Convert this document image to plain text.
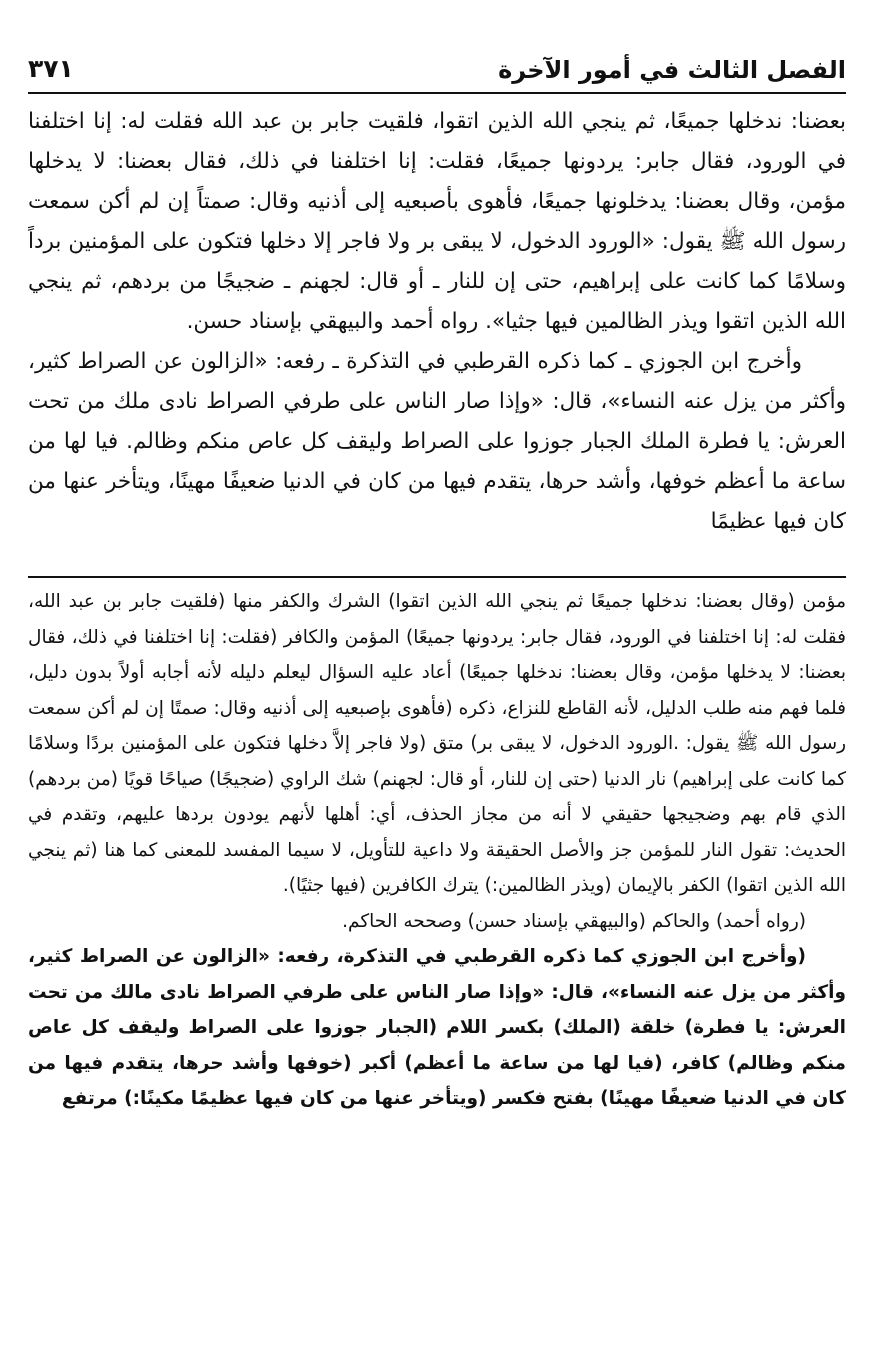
الفصل الثالث في أمور الآخرة
٣٧١

بعضنا: ندخلها جميعًا، ثم ينجي الله الذين اتقوا، فلقيت جابر بن عبد الله فقلت له: إنا اختلفنا في الورود، فقال جابر: يردونها جميعًا، فقلت: إنا اختلفنا في ذلك، فقال بعضنا: لا يدخلها مؤمن، وقال بعضنا: يدخلونها جميعًا، فأهوى بأصبعيه إلى أذنيه وقال: صمتاً إن لم أكن سمعت رسول الله ﷺ يقول: «الورود الدخول، لا يبقى بر ولا فاجر إلا دخلها فتكون على المؤمنين برداً وسلامًا كما كانت على إبراهيم، حتى إن للنار ـ أو قال: لجهنم ـ ضجيجًا من بردهم، ثم ينجي الله الذين اتقوا ويذر الظالمين فيها جثيا». رواه أحمد والبيهقي بإسناد حسن.

وأخرج ابن الجوزي ـ كما ذكره القرطبي في التذكرة ـ رفعه: «الزالون عن الصراط كثير، وأكثر من يزل عنه النساء»، قال: «وإذا صار الناس على طرفي الصراط نادى ملك من تحت العرش: يا فطرة الملك الجبار جوزوا على الصراط وليقف كل عاص منكم وظالم. فيا لها من ساعة ما أعظم خوفها، وأشد حرها، يتقدم فيها من كان في الدنيا ضعيفًا مهينًا، ويتأخر عنها من كان فيها عظيمًا

مؤمن (وقال بعضنا: ندخلها جميعًا ثم ينجي الله الذين اتقوا) الشرك والكفر منها (فلقيت جابر بن عبد الله، فقلت له: إنا اختلفنا في الورود، فقال جابر: يردونها جميعًا) المؤمن والكافر (فقلت: إنا اختلفنا في ذلك، فقال بعضنا: لا يدخلها مؤمن، وقال بعضنا: ندخلها جميعًا) أعاد عليه السؤال ليعلم دليله لأنه أجابه أولاً بدون دليل، فلما فهم منه طلب الدليل، لأنه القاطع للنزاع، ذكره (فأهوى بإصبعيه إلى أذنيه وقال: صمتًا إن لم أكن سمعت رسول الله ﷺ يقول: .الورود الدخول، لا يبقى بر) متق (ولا فاجر إلاَّ دخلها فتكون على المؤمنين بردًا وسلامًا كما كانت على إبراهيم) نار الدنيا (حتى إن للنار، أو قال: لجهنم) شك الراوي (ضجيجًا) صياحًا قويًا (من بردهم) الذي قام بهم وضجيجها حقيقي لا أنه من مجاز الحذف، أي: أهلها لأنهم يودون بردها عليهم، وتقدم في الحديث: تقول النار للمؤمن جز والأصل الحقيقة ولا داعية للتأويل، لا سيما المفسد للمعنى كما هنا (ثم ينجي الله الذين اتقوا) الكفر بالإيمان (ويذر الظالمين:) يترك الكافرين (فيها جثيًا).

(رواه أحمد) والحاكم (والبيهقي بإسناد حسن) وصححه الحاكم.

(وأخرج ابن الجوزي كما ذكره القرطبي في التذكرة، رفعه: «الزالون عن الصراط كثير، وأكثر من يزل عنه النساء»، قال: «وإذا صار الناس على طرفي الصراط نادى مالك من تحت العرش: يا فطرة) خلقة (الملك) بكسر اللام (الجبار جوزوا على الصراط وليقف كل عاص منكم وظالم) كافر، (فيا لها من ساعة ما أعظم) أكبر (خوفها وأشد حرها، يتقدم فيها من كان في الدنيا ضعيفًا مهينًا) بفتح فكسر (ويتأخر عنها من كان فيها عظيمًا مكينًا:) مرتفع
